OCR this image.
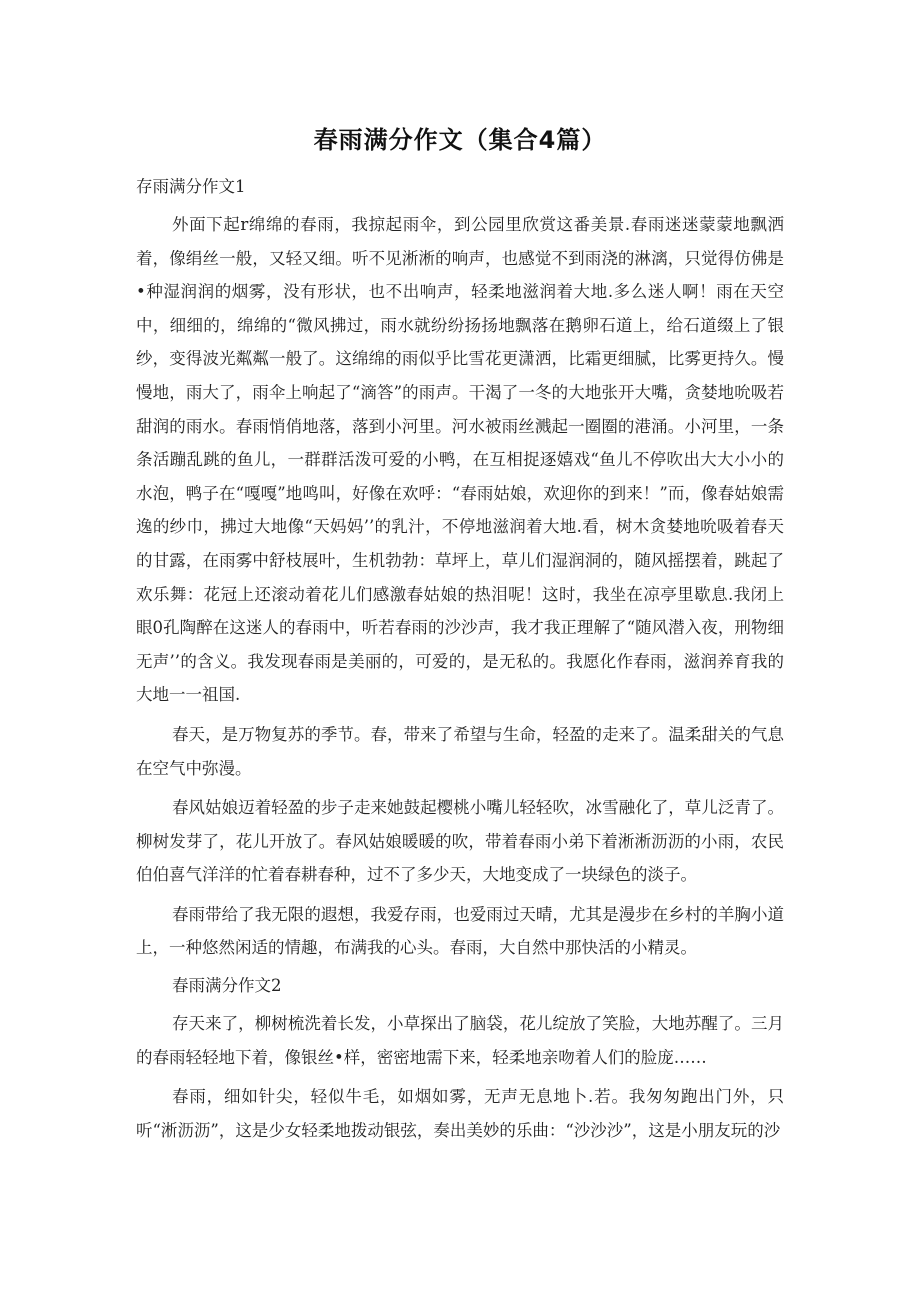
春雨满分作文（集合4篇）
存雨满分作文1

外面下起r绵绵的春雨，我掠起雨伞，到公园里欣赏这番美景.春雨迷迷蒙蒙地飘洒着，像绢丝一般，又轻又细。听不见淅淅的响声，也感觉不到雨浇的淋漓，只觉得仿佛是•种湿润润的烟雾，没有形状，也不出响声，轻柔地滋润着大地.多么迷人啊！雨在天空中，细细的，绵绵的“微风拂过，雨水就纷纷扬扬地飘落在鹅卵石道上，给石道缀上了银纱，变得波光粼粼一般了。这绵绵的雨似乎比雪花更潇洒，比霜更细腻，比雾更持久。慢慢地，雨大了，雨伞上响起了“滴答”的雨声。干渴了一冬的大地张开大嘴，贪婪地吮吸若甜润的雨水。春雨悄俏地落，落到小河里。河水被雨丝溅起一圈圈的港涌。小河里，一条条活蹦乱跳的鱼儿，一群群活泼可爱的小鸭，在互相捉逐嬉戏“鱼儿不停吹出大大小小的水泡，鸭子在“嘎嘎”地鸣叫，好像在欢呼：“春雨姑娘，欢迎你的到来！”而，像春姑娘需逸的纱巾，拂过大地像“天妈妈’’的乳汁，不停地滋润着大地.看，树木贪婪地吮吸着春天的甘露，在雨雾中舒枝展叶，生机勃勃：草坪上，草儿们湿润洞的，随风摇摆着，跳起了欢乐舞：花冠上还滚动着花儿们感激春姑娘的热泪呢！这时，我坐在凉亭里歇息.我闭上眼0孔陶醉在这迷人的春雨中，听若春雨的沙沙声，我才我正理解了“随风潜入夜，刑物细无声’’的含义。我发现春雨是美丽的，可爱的，是无私的。我愿化作春雨，滋润养育我的大地一一祖国.

春天，是万物复苏的季节。春，带来了希望与生命，轻盈的走来了。温柔甜关的气息在空气中弥漫。

春风姑娘迈着轻盈的步子走来她鼓起樱桃小嘴儿轻轻吹，冰雪融化了，草儿泛青了。柳树发芽了，花儿开放了。春风姑娘暖暖的吹，带着春雨小弟下着淅淅沥沥的小雨，农民伯伯喜气洋洋的忙着春耕春种，过不了多少天，大地变成了一块绿色的淡子。

春雨带给了我无限的遐想，我爱存雨，也爱雨过天晴，尤其是漫步在乡村的羊胸小道上，一种悠然闲适的情趣，布满我的心头。春雨，大自然中那快活的小精灵。

春雨满分作文2

存天来了，柳树梳洗着长发，小草探出了脑袋，花儿绽放了笑脸，大地苏醒了。三月的春雨轻轻地下着，像银丝•样，密密地需下来，轻柔地亲吻着人们的脸庞……

春雨，细如针尖，轻似牛毛，如烟如雾，无声无息地卜.若。我匆匆跑出门外，只听“淅沥沥”，这是少女轻柔地拨动银弦，奏出美妙的乐曲：“沙沙沙”，这是小朋友玩的沙
